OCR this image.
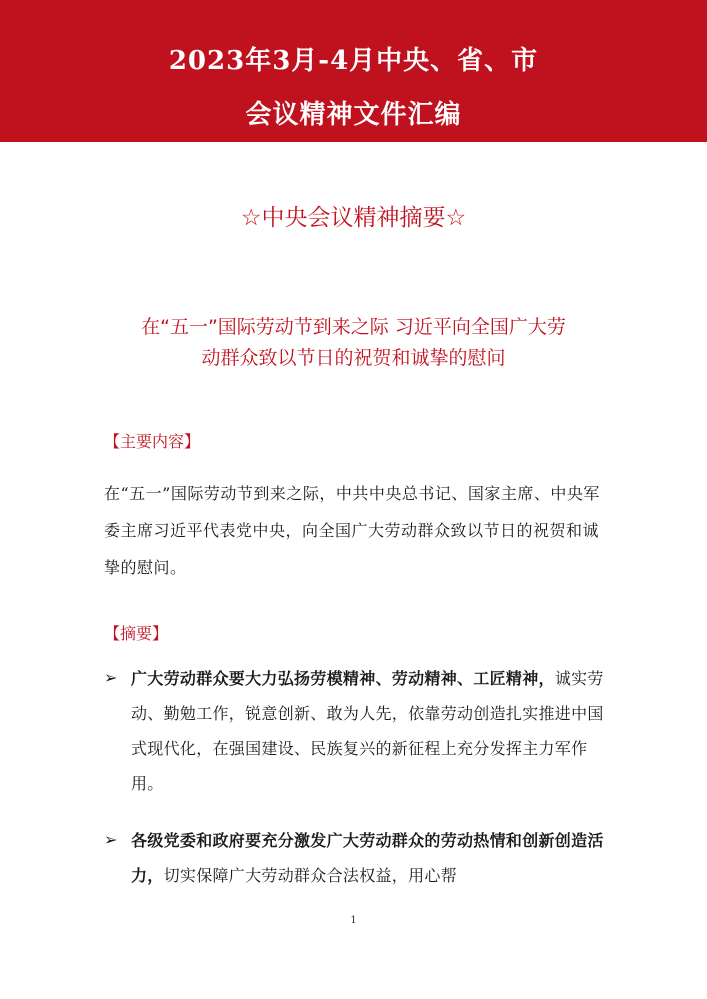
2023年3月-4月中央、省、市
会议精神文件汇编
☆中央会议精神摘要☆
在“五一”国际劳动节到来之际 习近平向全国广大劳
动群众致以节日的祝贺和诚挚的慰问
【主要内容】
在“五一”国际劳动节到来之际，中共中央总书记、国家主席、中央军委主席习近平代表党中央，向全国广大劳动群众致以节日的祝贺和诚挚的慰问。
【摘要】
➢ 广大劳动群众要大力弘扬劳模精神、劳动精神、工匠精神，诚实劳动、勤勉工作，锐意创新、敢为人先，依靠劳动创造扎实推进中国式现代化，在强国建设、民族复兴的新征程上充分发挥主力军作用。
➢ 各级党委和政府要充分激发广大劳动群众的劳动热情和创新创造活力，切实保障广大劳动群众合法权益，用心帮
1
